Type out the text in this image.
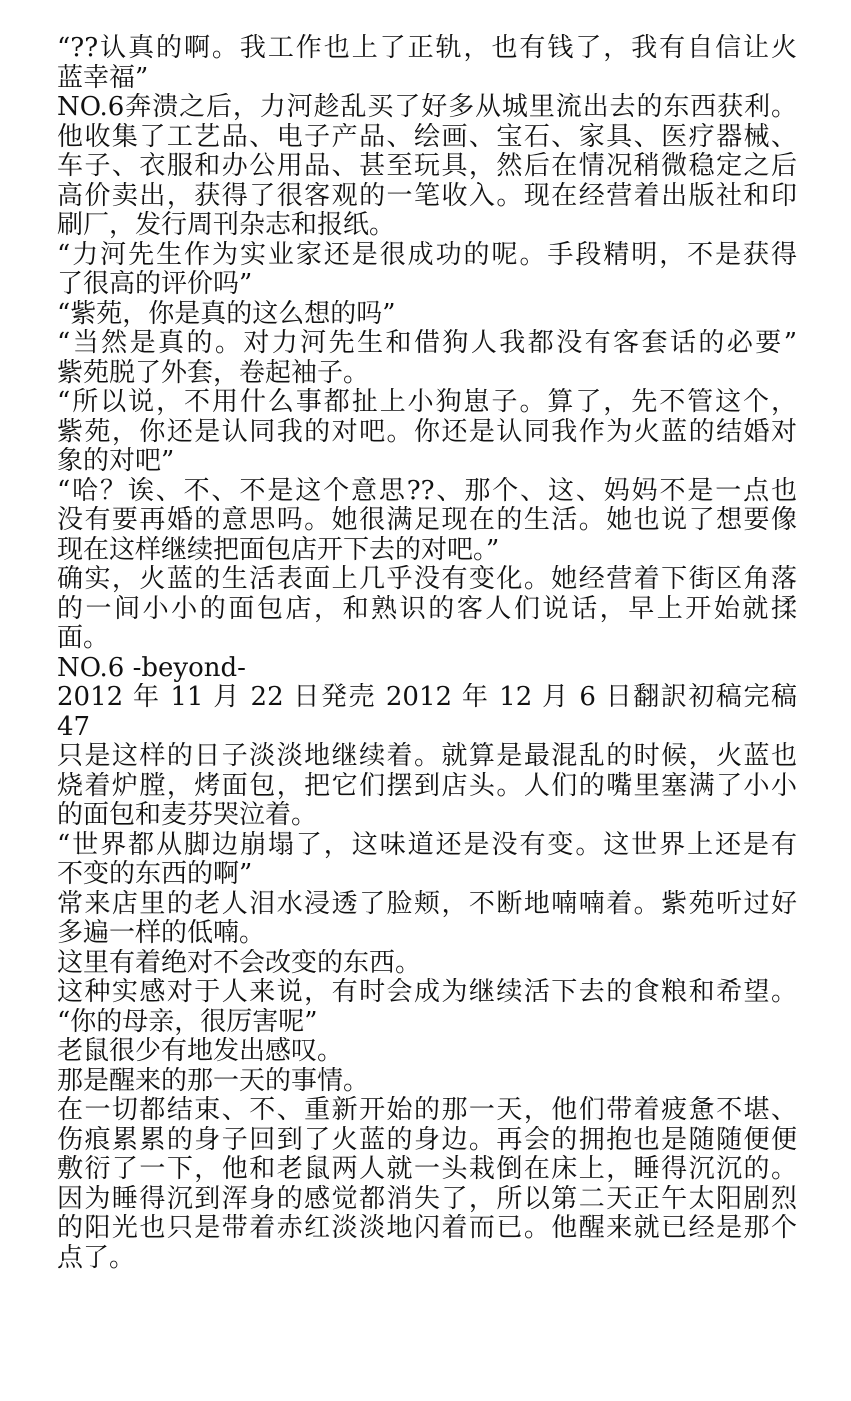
“??认真的啊。我工作也上了正轨，也有钱了，我有自信让火
蓝幸福”
NO.6奔溃之后，力河趁乱买了好多从城里流出去的东西获利。
他收集了工艺品、电子产品、绘画、宝石、家具、医疗器械、
车子、衣服和办公用品、甚至玩具，然后在情况稍微稳定之后
高价卖出，获得了很客观的一笔收入。现在经营着出版社和印
刷厂，发行周刊杂志和报纸。
“力河先生作为实业家还是很成功的呢。手段精明，不是获得
了很高的评价吗”
“紫苑，你是真的这么想的吗”
“当然是真的。对力河先生和借狗人我都没有客套话的必要”
紫苑脱了外套，卷起袖子。
“所以说，不用什么事都扯上小狗崽子。算了，先不管这个，
紫苑，你还是认同我的对吧。你还是认同我作为火蓝的结婚对
象的对吧”
“哈？诶、不、不是这个意思??、那个、这、妈妈不是一点也
没有要再婚的意思吗。她很满足现在的生活。她也说了想要像
现在这样继续把面包店开下去的对吧。”
确实，火蓝的生活表面上几乎没有变化。她经营着下街区角落
的一间小小的面包店，和熟识的客人们说话，早上开始就揉
面。
NO.6 -beyond-
2012 年 11 月 22 日発売 2012 年 12 月 6 日翻訳初稿完稿
47
只是这样的日子淡淡地继续着。就算是最混乱的时候，火蓝也
烧着炉膛，烤面包，把它们摆到店头。人们的嘴里塞满了小小
的面包和麦芬哭泣着。
“世界都从脚边崩塌了，这味道还是没有变。这世界上还是有
不变的东西的啊”
常来店里的老人泪水浸透了脸颊，不断地喃喃着。紫苑听过好
多遍一样的低喃。
这里有着绝对不会改变的东西。
这种实感对于人来说，有时会成为继续活下去的食粮和希望。
“你的母亲，很厉害呢”
老鼠很少有地发出感叹。
那是醒来的那一天的事情。
在一切都结束、不、重新开始的那一天，他们带着疲惫不堪、
伤痕累累的身子回到了火蓝的身边。再会的拥抱也是随随便便
敷衍了一下，他和老鼠两人就一头栽倒在床上，睡得沉沉的。
因为睡得沉到浑身的感觉都消失了，所以第二天正午太阳剧烈
的阳光也只是带着赤红淡淡地闪着而已。他醒来就已经是那个
点了。
